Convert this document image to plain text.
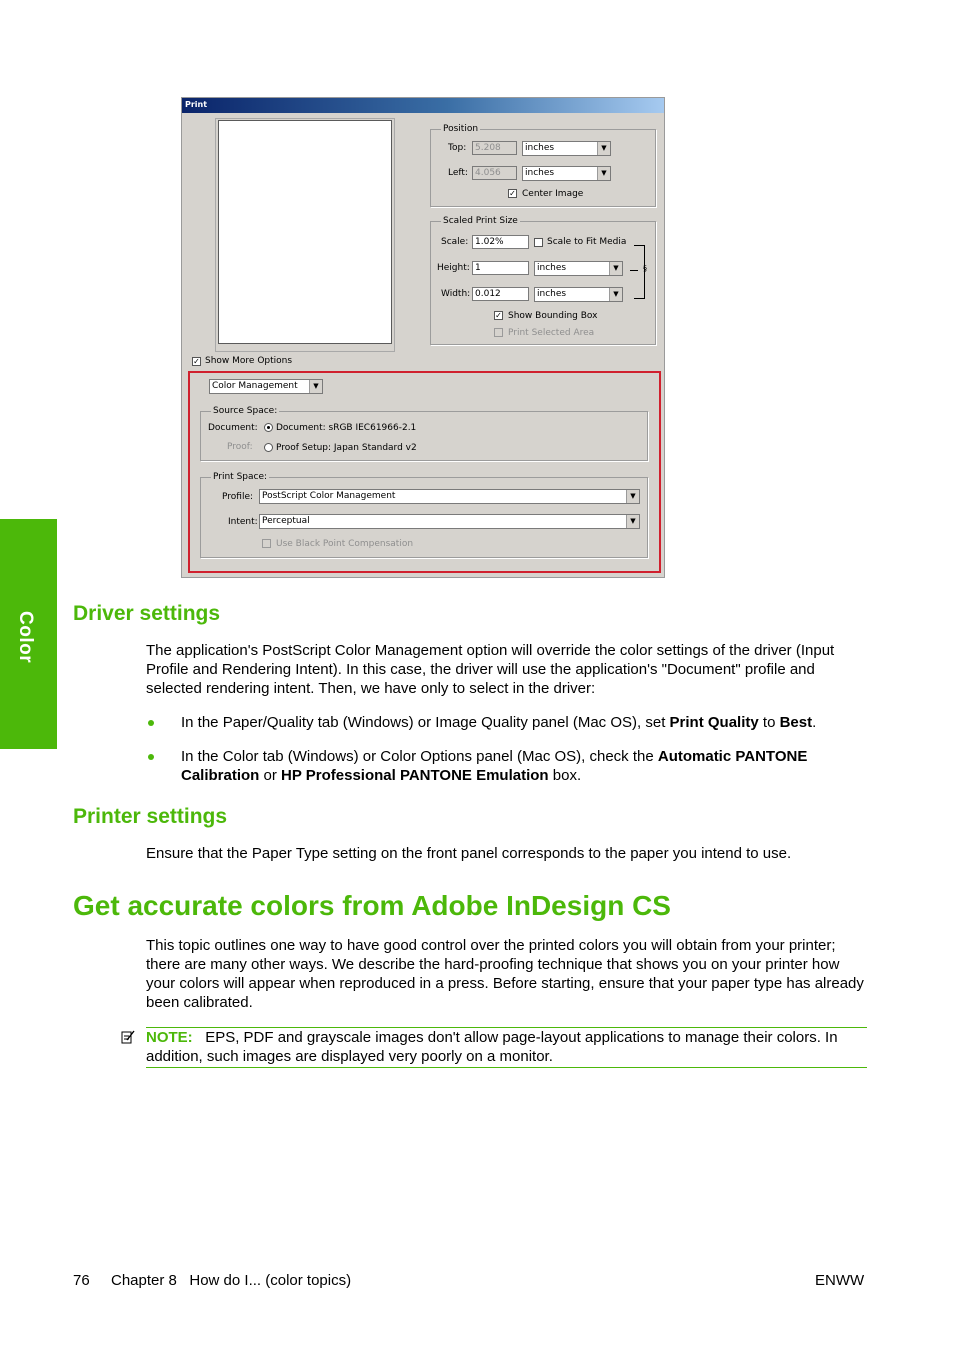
Color
Print
Position
Top: 5.208	inches	▼
Left: 4.056	inches	▼
✓ Center Image
Scaled Print Size
Scale: 1.02%	Scale to Fit Media
Height: 1	inches	▼
Width: 0.012	inches	▼
§
✓ Show Bounding Box
Print Selected Area
✓ Show More Options
Color Management	▼
Source Space:
Document: Document: sRGB IEC61966-2.1
Proof:	Proof Setup: Japan Standard v2
Print Space:
Profile: PostScript Color Management	▼
Intent: Perceptual	▼
Use Black Point Compensation
Driver settings
The application's PostScript Color Management option will override the color settings of the driver (Input Profile and Rendering Intent). In this case, the driver will use the application's "Document" profile and selected rendering intent. Then, we have only to select in the driver:
In the Paper/Quality tab (Windows) or Image Quality panel (Mac OS), set Print Quality to Best.
In the Color tab (Windows) or Color Options panel (Mac OS), check the Automatic PANTONE Calibration or HP Professional PANTONE Emulation box.
Printer settings
Ensure that the Paper Type setting on the front panel corresponds to the paper you intend to use.
Get accurate colors from Adobe InDesign CS
This topic outlines one way to have good control over the printed colors you will obtain from your printer; there are many other ways. We describe the hard-proofing technique that shows you on your printer how your colors will appear when reproduced in a press. Before starting, ensure that your paper type has already been calibrated.
NOTE: EPS, PDF and grayscale images don't allow page-layout applications to manage their colors. In addition, such images are displayed very poorly on a monitor.
76 Chapter 8   How do I... (color topics)	ENWW
